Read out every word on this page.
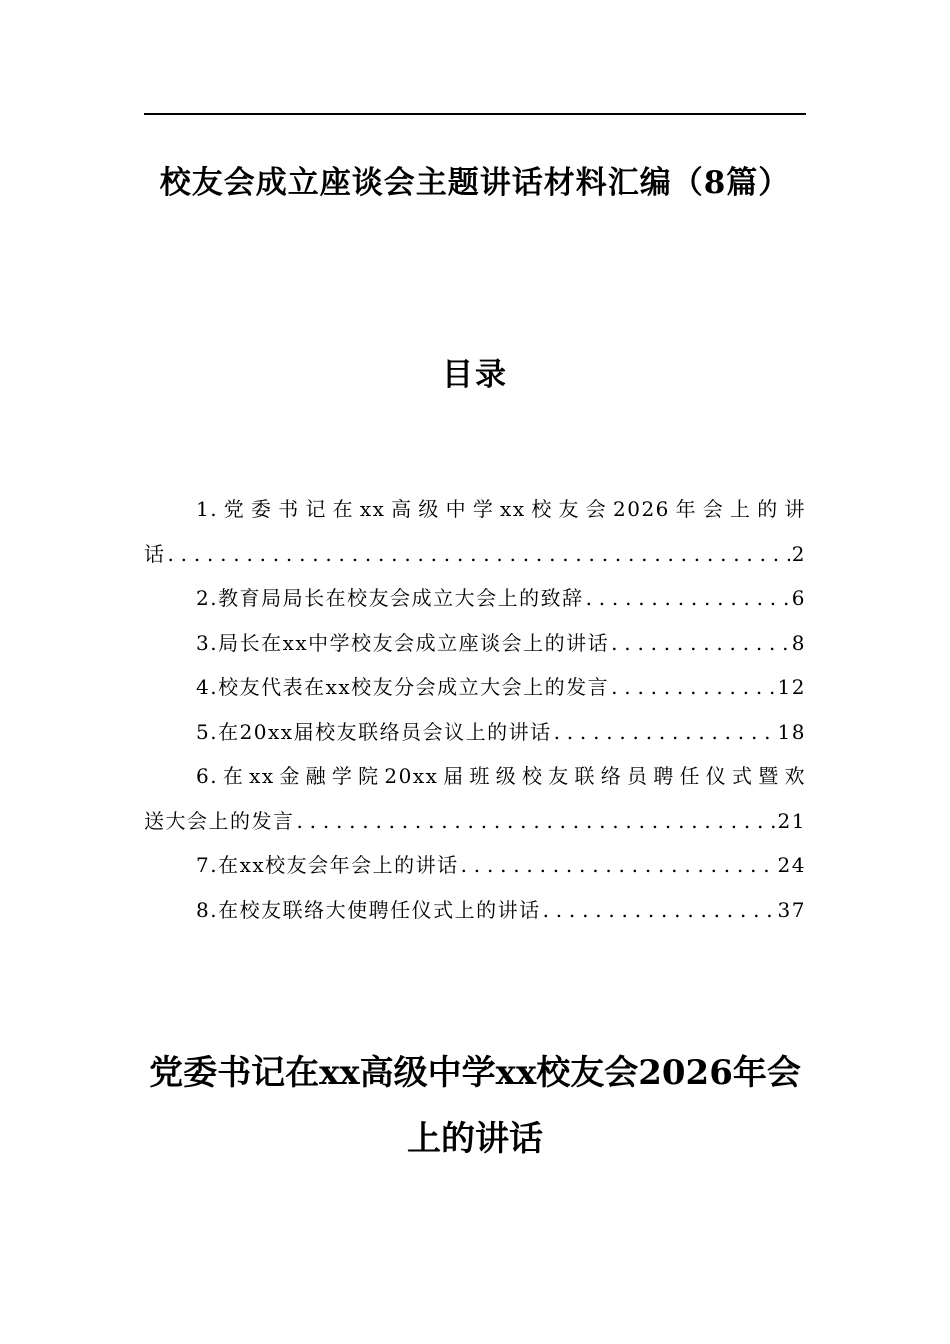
校友会成立座谈会主题讲话材料汇编（8篇）
目录
1.党委书记在xx高级中学xx校友会2026年会上的讲
话 .....	2
2.教育局局长在校友会成立大会上的致辞 .....	6
3.局长在xx中学校友会成立座谈会上的讲话 .....	8
4.校友代表在xx校友分会成立大会上的发言 .....	12
5.在20xx届校友联络员会议上的讲话 .....	18
6.在xx金融学院20xx届班级校友联络员聘任仪式暨欢
送大会上的发言 .....	21
7.在xx校友会年会上的讲话 .....	24
8.在校友联络大使聘任仪式上的讲话 .....	37
党委书记在xx高级中学xx校友会2026年会上的讲话
